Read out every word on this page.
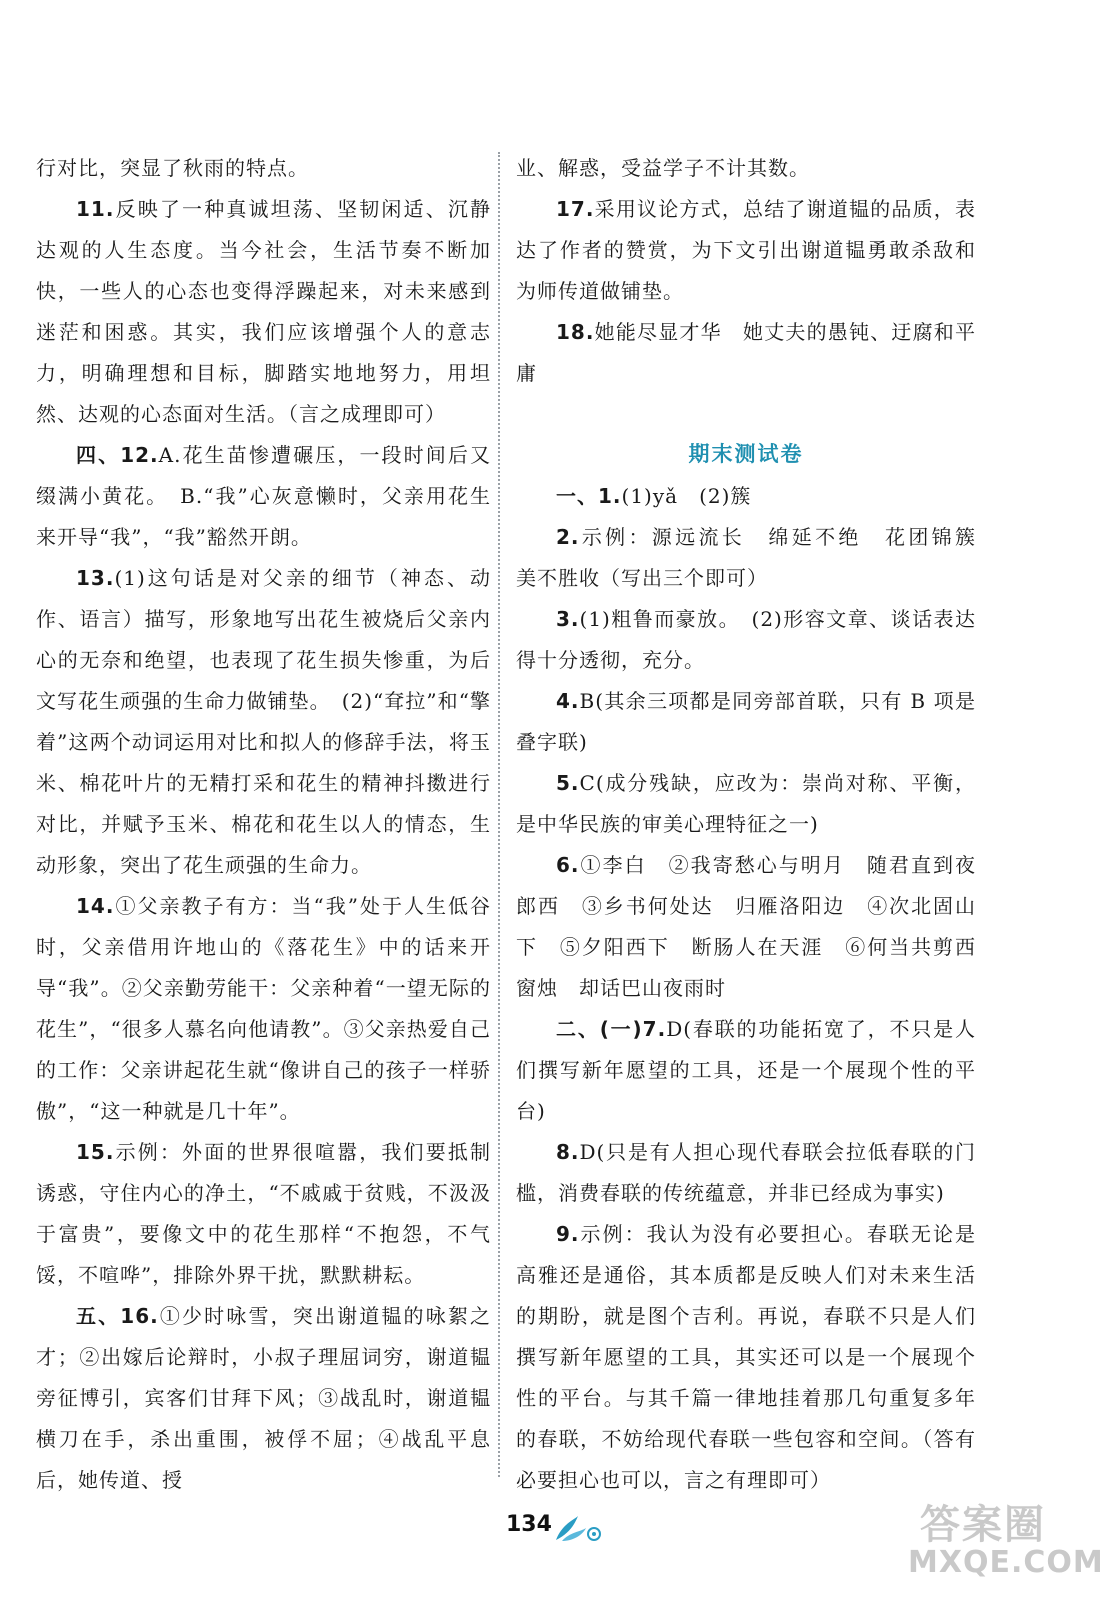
行对比，突显了秋雨的特点。

11.反映了一种真诚坦荡、坚韧闲适、沉静达观的人生态度。当今社会，生活节奏不断加快，一些人的心态也变得浮躁起来，对未来感到迷茫和困惑。其实，我们应该增强个人的意志力，明确理想和目标，脚踏实地地努力，用坦然、达观的心态面对生活。（言之成理即可）

四、12.A.花生苗惨遭碾压，一段时间后又缀满小黄花。　B.“我”心灰意懒时，父亲用花生来开导“我”，“我”豁然开朗。

13.(1)这句话是对父亲的细节（神态、动作、语言）描写，形象地写出花生被烧后父亲内心的无奈和绝望，也表现了花生损失惨重，为后文写花生顽强的生命力做铺垫。　(2)“耷拉”和“擎着”这两个动词运用对比和拟人的修辞手法，将玉米、棉花叶片的无精打采和花生的精神抖擞进行对比，并赋予玉米、棉花和花生以人的情态，生动形象，突出了花生顽强的生命力。

14.①父亲教子有方：当“我”处于人生低谷时，父亲借用许地山的《落花生》中的话来开导“我”。②父亲勤劳能干：父亲种着“一望无际的花生”，“很多人慕名向他请教”。③父亲热爱自己的工作：父亲讲起花生就“像讲自己的孩子一样骄傲”，“这一种就是几十年”。

15.示例：外面的世界很喧嚣，我们要抵制诱惑，守住内心的净土，“不戚戚于贫贱，不汲汲于富贵”，要像文中的花生那样“不抱怨，不气馁，不喧哗”，排除外界干扰，默默耕耘。

五、16.①少时咏雪，突出谢道韫的咏絮之才；②出嫁后论辩时，小叔子理屈词穷，谢道韫旁征博引，宾客们甘拜下风；③战乱时，谢道韫横刀在手，杀出重围，被俘不屈；④战乱平息后，她传道、授

业、解惑，受益学子不计其数。

17.采用议论方式，总结了谢道韫的品质，表达了作者的赞赏，为下文引出谢道韫勇敢杀敌和为师传道做铺垫。

18.她能尽显才华　她丈夫的愚钝、迂腐和平庸

期末测试卷

一、1.(1)yǎ　(2)簇

2.示例：源远流长　绵延不绝　花团锦簇　美不胜收（写出三个即可）

3.(1)粗鲁而豪放。　(2)形容文章、谈话表达得十分透彻，充分。

4.B(其余三项都是同旁部首联，只有 B 项是叠字联)

5.C(成分残缺，应改为：崇尚对称、平衡，是中华民族的审美心理特征之一)

6.①李白　②我寄愁心与明月　随君直到夜郎西　③乡书何处达　归雁洛阳边　④次北固山下　⑤夕阳西下　断肠人在天涯　⑥何当共剪西窗烛　却话巴山夜雨时

二、(一)7.D(春联的功能拓宽了，不只是人们撰写新年愿望的工具，还是一个展现个性的平台)

8.D(只是有人担心现代春联会拉低春联的门槛，消费春联的传统蕴意，并非已经成为事实)

9.示例：我认为没有必要担心。春联无论是高雅还是通俗，其本质都是反映人们对未来生活的期盼，就是图个吉利。再说，春联不只是人们撰写新年愿望的工具，其实还可以是一个展现个性的平台。与其千篇一律地挂着那几句重复多年的春联，不妨给现代春联一些包容和空间。（答有必要担心也可以，言之有理即可）

134	答案圈
MXQE.COM
